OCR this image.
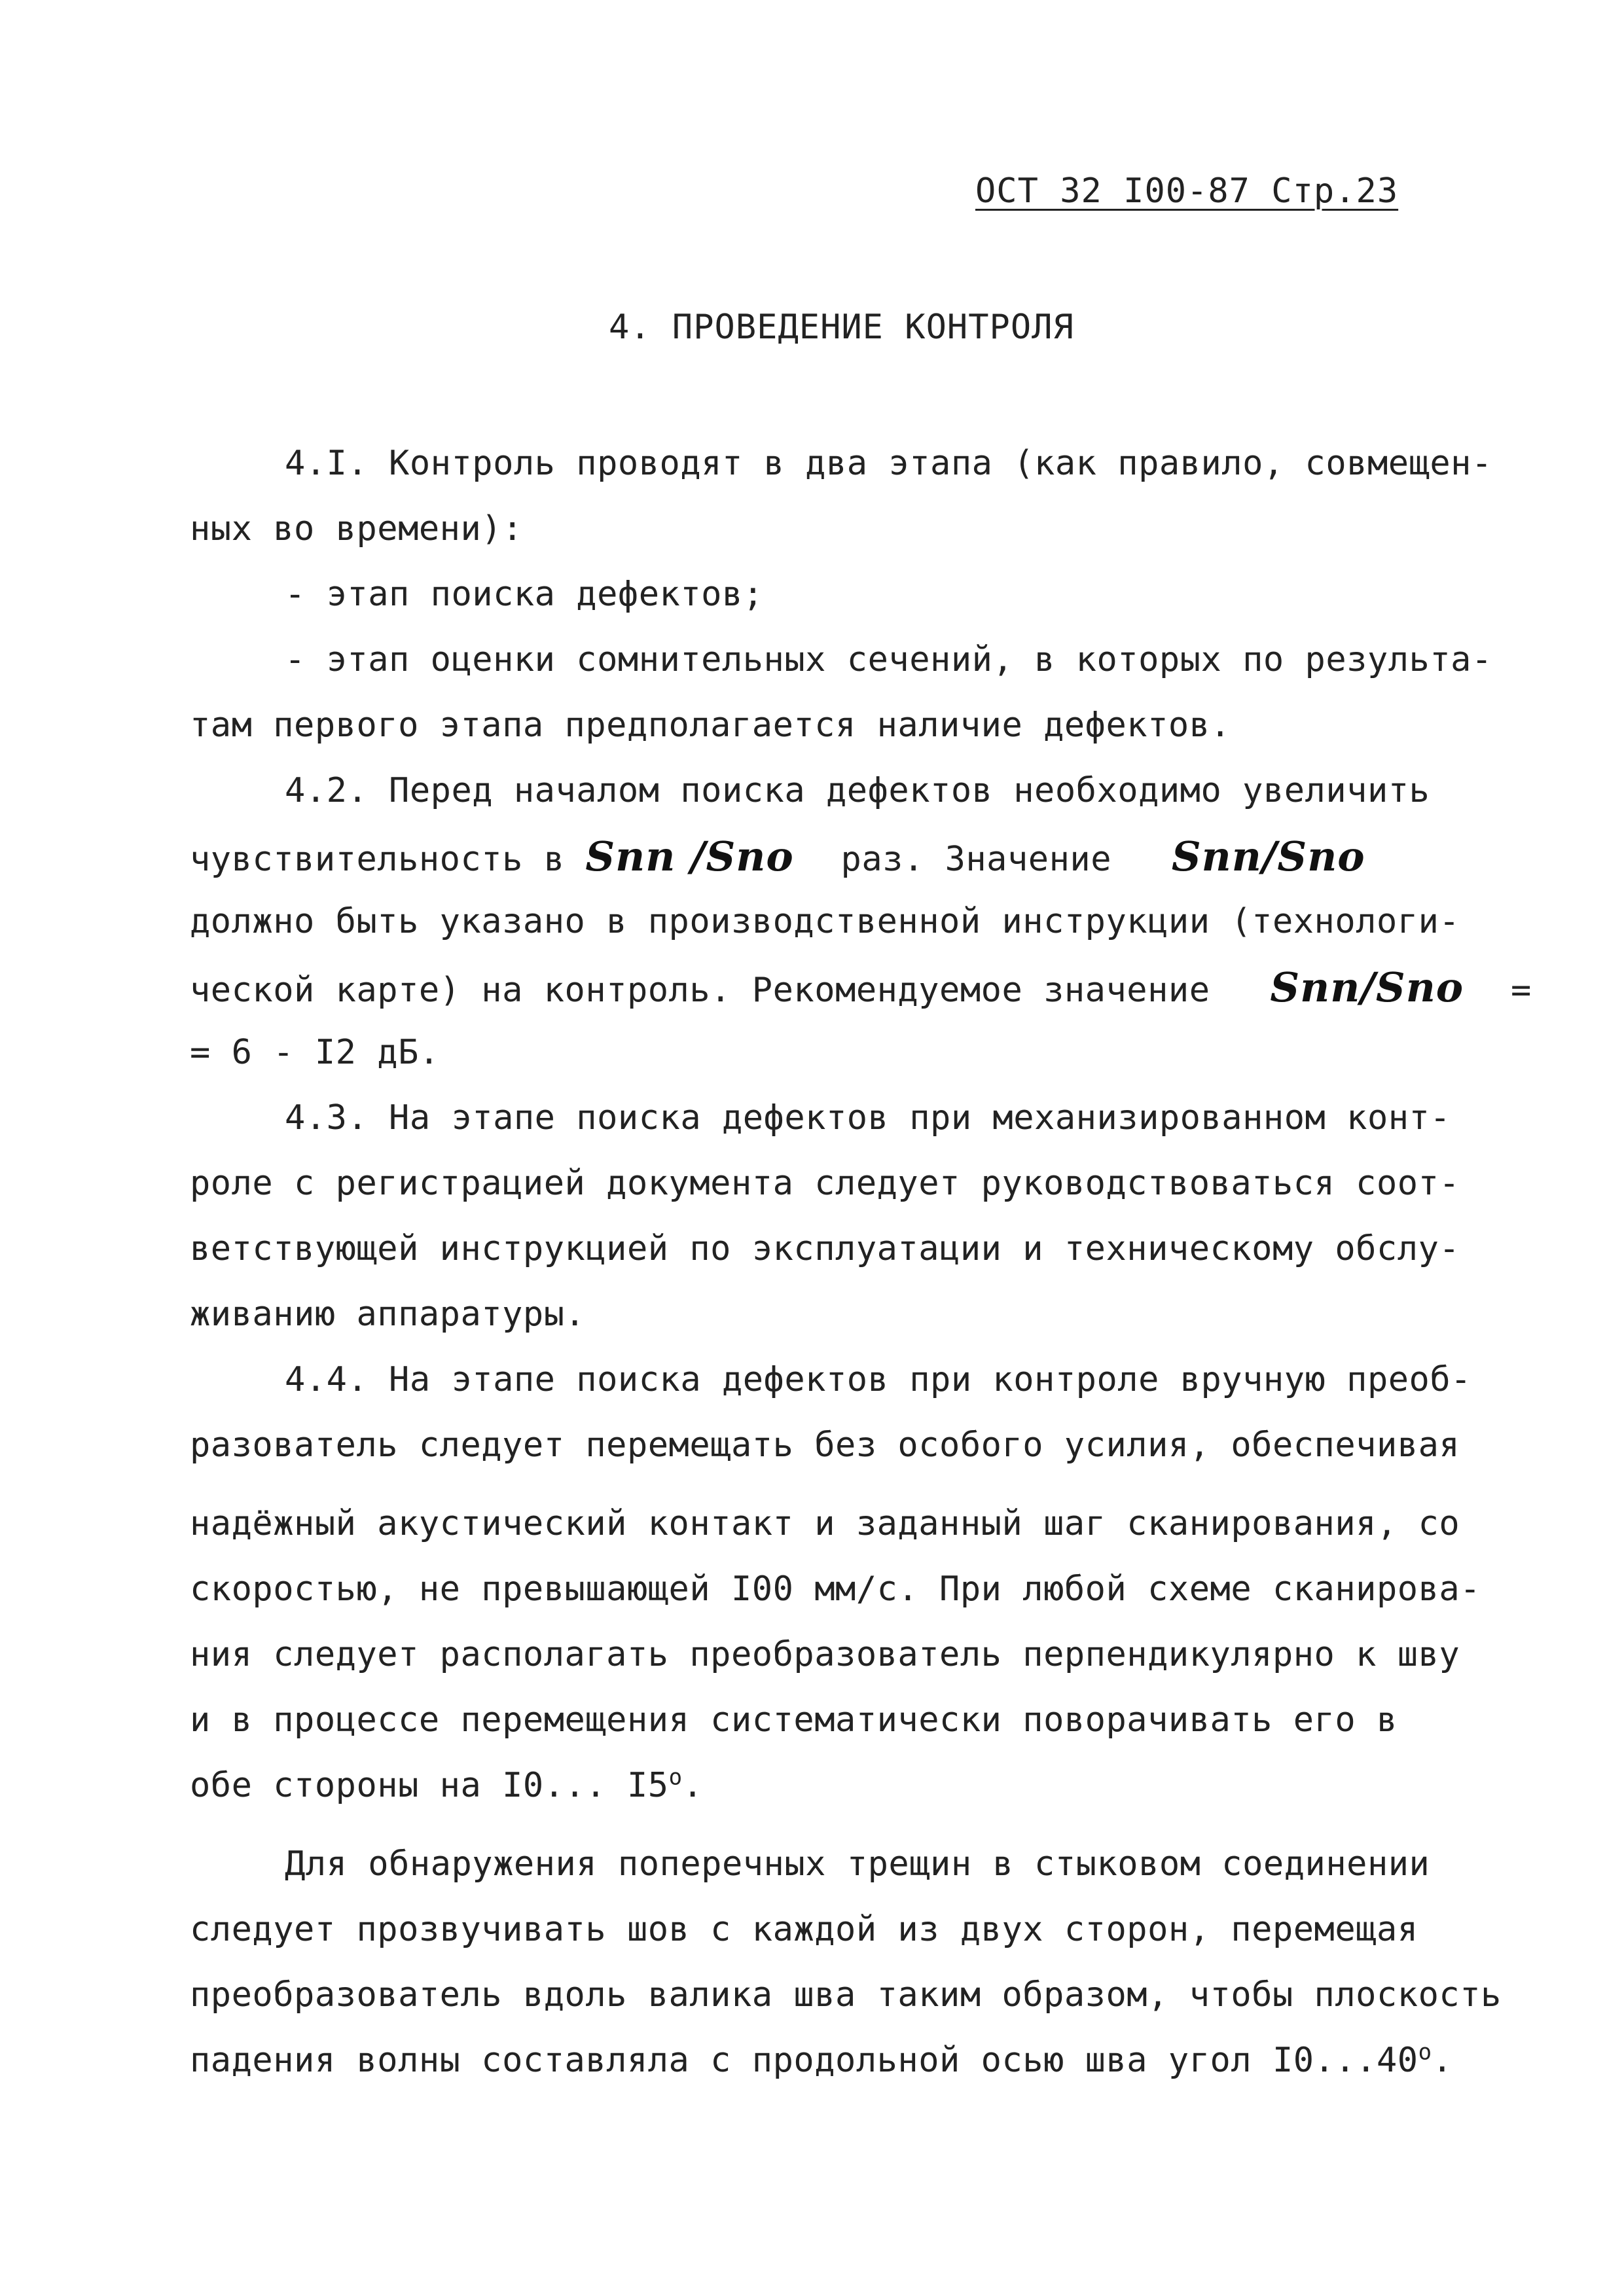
ОСТ 32 I00-87 Стр.23
4. ПРОВЕДЕНИЕ КОНТРОЛЯ
4.I. Контроль проводят в два этапа (как правило, совмещен-
ных во времени):
- этап поиска дефектов;
- этап оценки сомнительных сечений, в которых по результа-
там первого этапа предполагается наличие дефектов.
4.2. Перед началом поиска дефектов необходимо увеличить
чувствительность в Sпп /Sпо раз. Значение Sпп/Sпо
должно быть указано в производственной инструкции (технологи-
ческой карте) на контроль. Рекомендуемое значение Sпп/Sпо =
= 6 - I2 дБ.
4.3. На этапе поиска дефектов при механизированном конт-
роле с регистрацией документа следует руководствоваться соот-
ветствующей инструкцией по эксплуатации и техническому обслу-
живанию аппаратуры.
4.4. На этапе поиска дефектов при контроле вручную преоб-
разователь следует перемещать без особого усилия, обеспечивая
надёжный акустический контакт и заданный шаг сканирования, со
скоростью, не превышающей I00 мм/с. При любой схеме сканирова-
ния следует располагать преобразователь перпендикулярно к шву
и в процессе перемещения систематически поворачивать его в
обе стороны на I0... $I5^о$.
Для обнаружения поперечных трещин в стыковом соединении
следует прозвучивать шов с каждой из двух сторон, перемещая
преобразователь вдоль валика шва таким образом, чтобы плоскость
падения волны составляла с продольной осью шва угол $I0...40^о$.
